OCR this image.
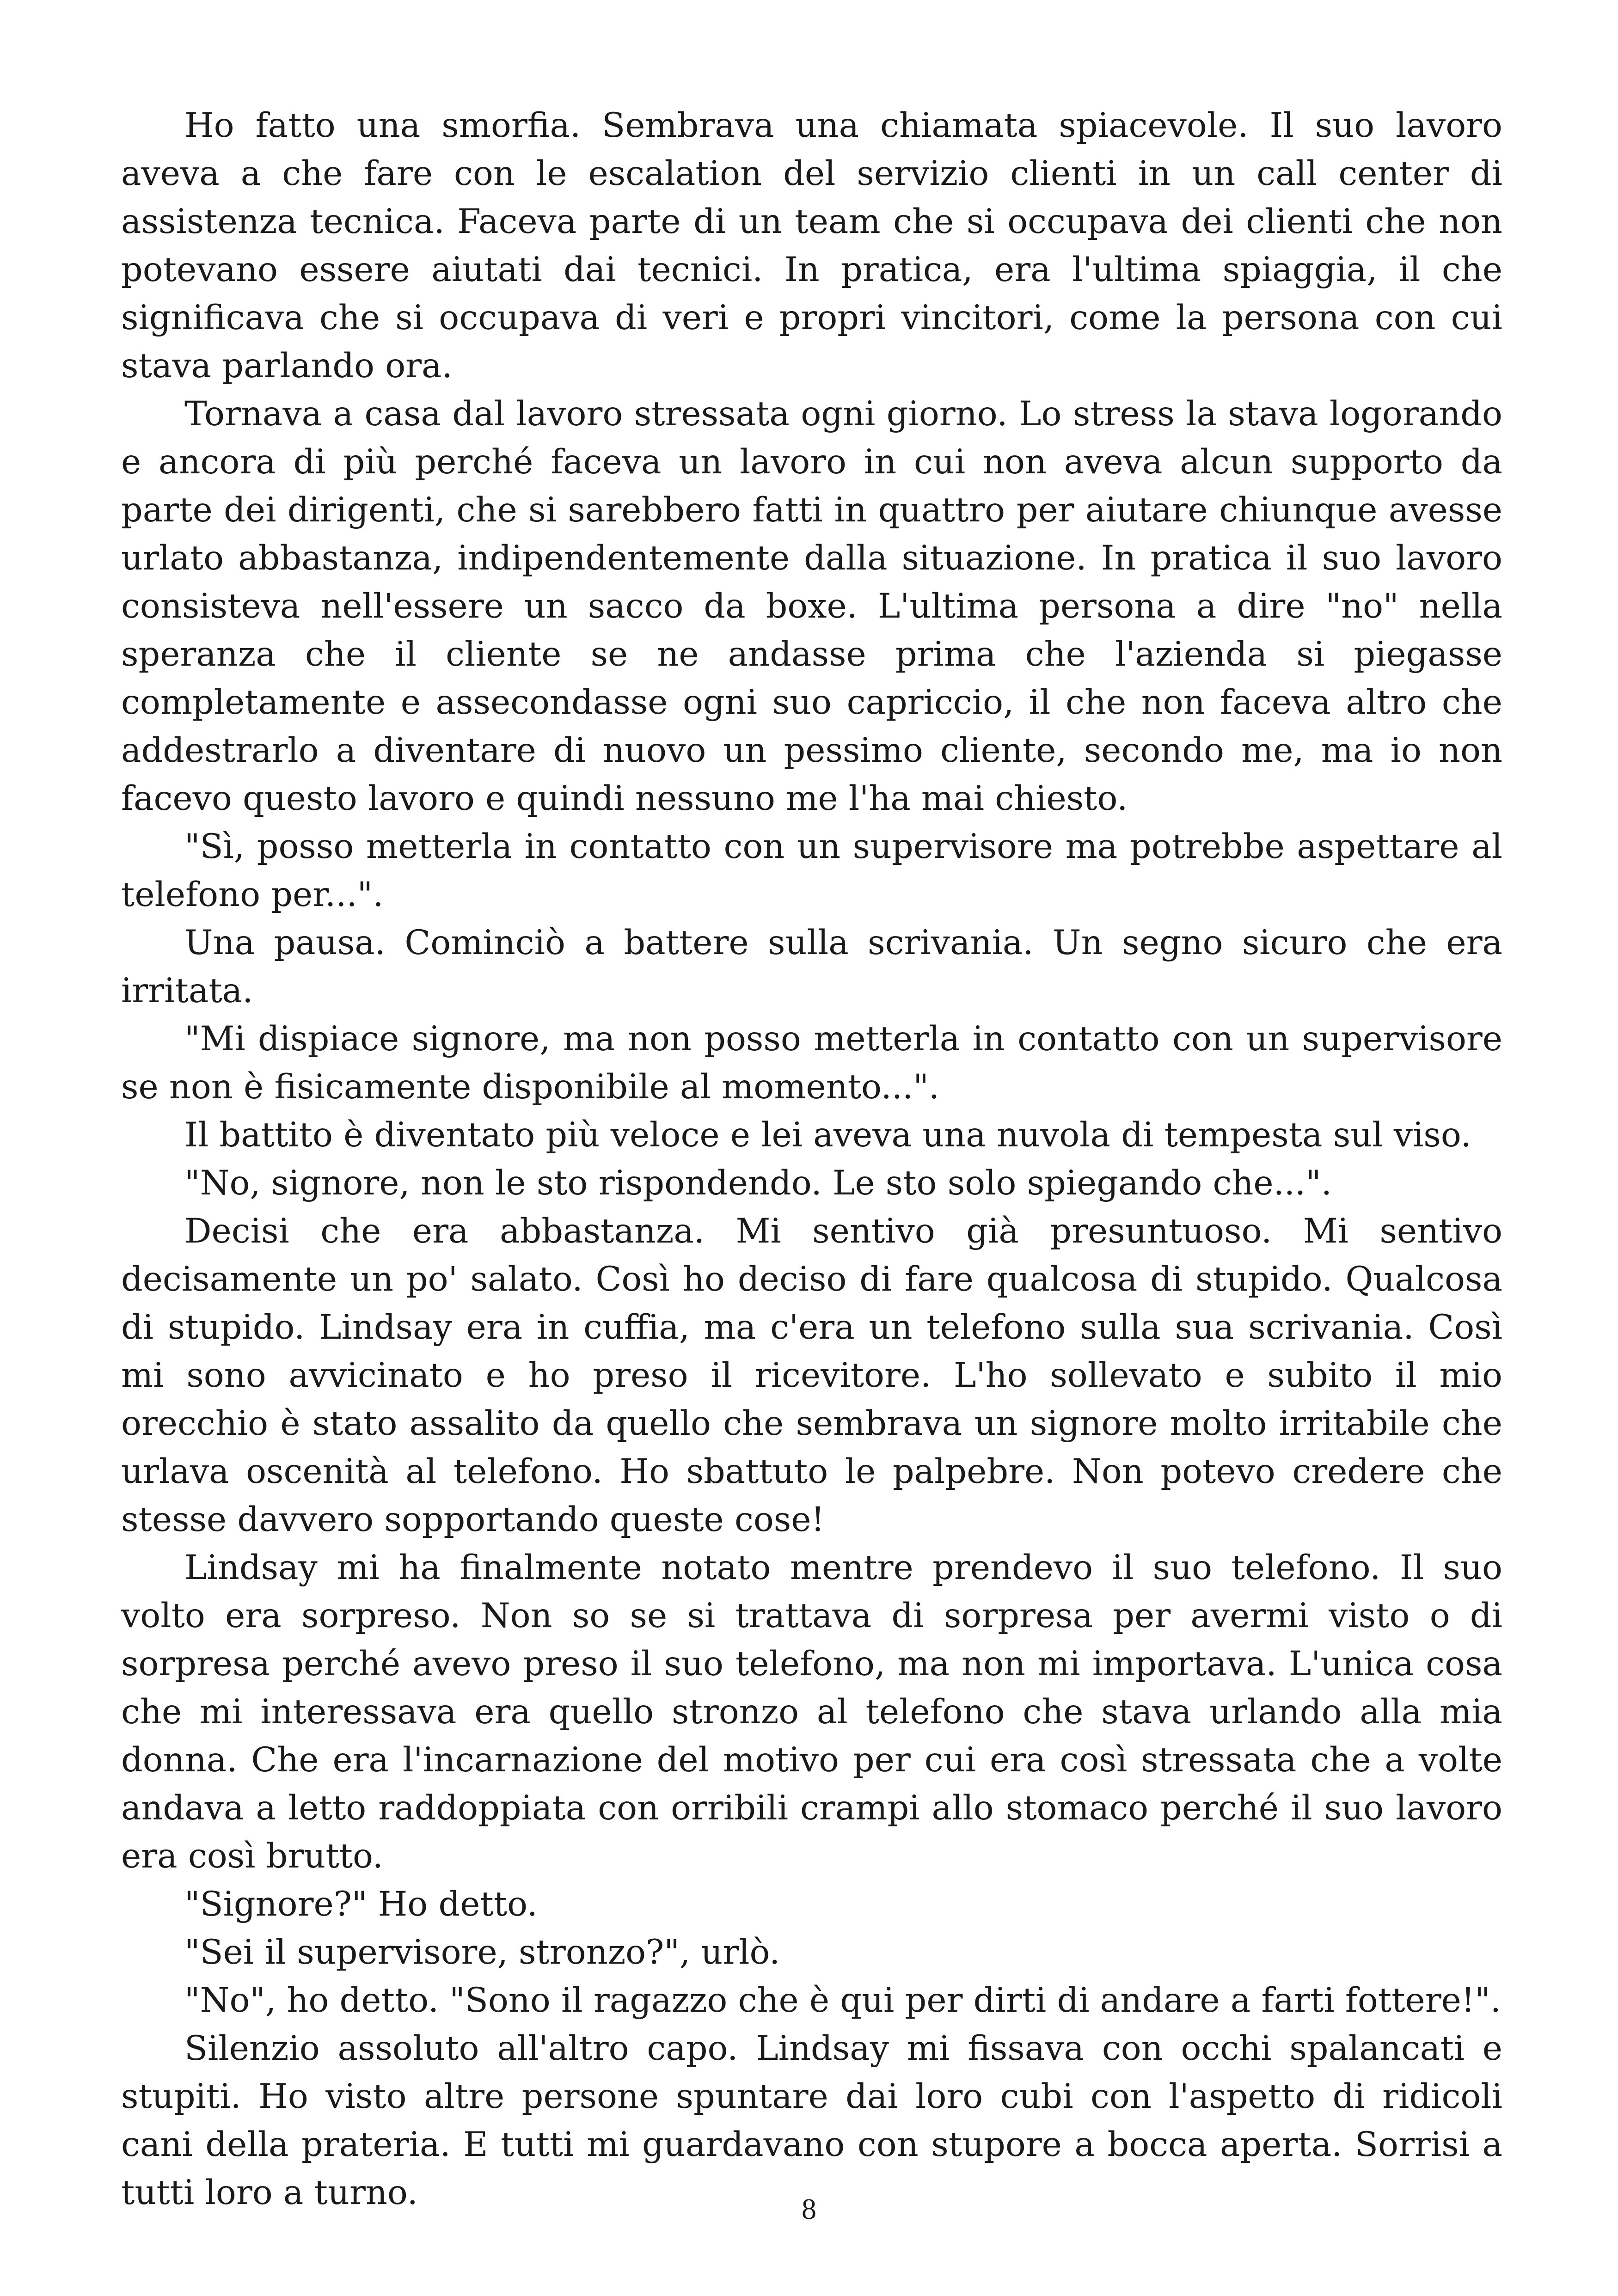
Ho fatto una smorfia. Sembrava una chiamata spiacevole. Il suo lavoro aveva a che fare con le escalation del servizio clienti in un call center di assistenza tecnica. Faceva parte di un team che si occupava dei clienti che non potevano essere aiutati dai tecnici. In pratica, era l'ultima spiaggia, il che significava che si occupava di veri e propri vincitori, come la persona con cui stava parlando ora.

Tornava a casa dal lavoro stressata ogni giorno. Lo stress la stava logorando e ancora di più perché faceva un lavoro in cui non aveva alcun supporto da parte dei dirigenti, che si sarebbero fatti in quattro per aiutare chiunque avesse urlato abbastanza, indipendentemente dalla situazione. In pratica il suo lavoro consisteva nell'essere un sacco da boxe. L'ultima persona a dire "no" nella speranza che il cliente se ne andasse prima che l'azienda si piegasse completamente e assecondasse ogni suo capriccio, il che non faceva altro che addestrarlo a diventare di nuovo un pessimo cliente, secondo me, ma io non facevo questo lavoro e quindi nessuno me l'ha mai chiesto.

"Sì, posso metterla in contatto con un supervisore ma potrebbe aspettare al telefono per...".

Una pausa. Cominciò a battere sulla scrivania. Un segno sicuro che era irritata.

"Mi dispiace signore, ma non posso metterla in contatto con un supervisore se non è fisicamente disponibile al momento...".

Il battito è diventato più veloce e lei aveva una nuvola di tempesta sul viso.

"No, signore, non le sto rispondendo. Le sto solo spiegando che...".

Decisi che era abbastanza. Mi sentivo già presuntuoso. Mi sentivo decisamente un po' salato. Così ho deciso di fare qualcosa di stupido. Qualcosa di stupido. Lindsay era in cuffia, ma c'era un telefono sulla sua scrivania. Così mi sono avvicinato e ho preso il ricevitore. L'ho sollevato e subito il mio orecchio è stato assalito da quello che sembrava un signore molto irritabile che urlava oscenità al telefono. Ho sbattuto le palpebre. Non potevo credere che stesse davvero sopportando queste cose!

Lindsay mi ha finalmente notato mentre prendevo il suo telefono. Il suo volto era sorpreso. Non so se si trattava di sorpresa per avermi visto o di sorpresa perché avevo preso il suo telefono, ma non mi importava. L'unica cosa che mi interessava era quello stronzo al telefono che stava urlando alla mia donna. Che era l'incarnazione del motivo per cui era così stressata che a volte andava a letto raddoppiata con orribili crampi allo stomaco perché il suo lavoro era così brutto.

"Signore?" Ho detto.

"Sei il supervisore, stronzo?", urlò.

"No", ho detto. "Sono il ragazzo che è qui per dirti di andare a farti fottere!".

Silenzio assoluto all'altro capo. Lindsay mi fissava con occhi spalancati e stupiti. Ho visto altre persone spuntare dai loro cubi con l'aspetto di ridicoli cani della prateria. E tutti mi guardavano con stupore a bocca aperta. Sorrisi a tutti loro a turno.	8
